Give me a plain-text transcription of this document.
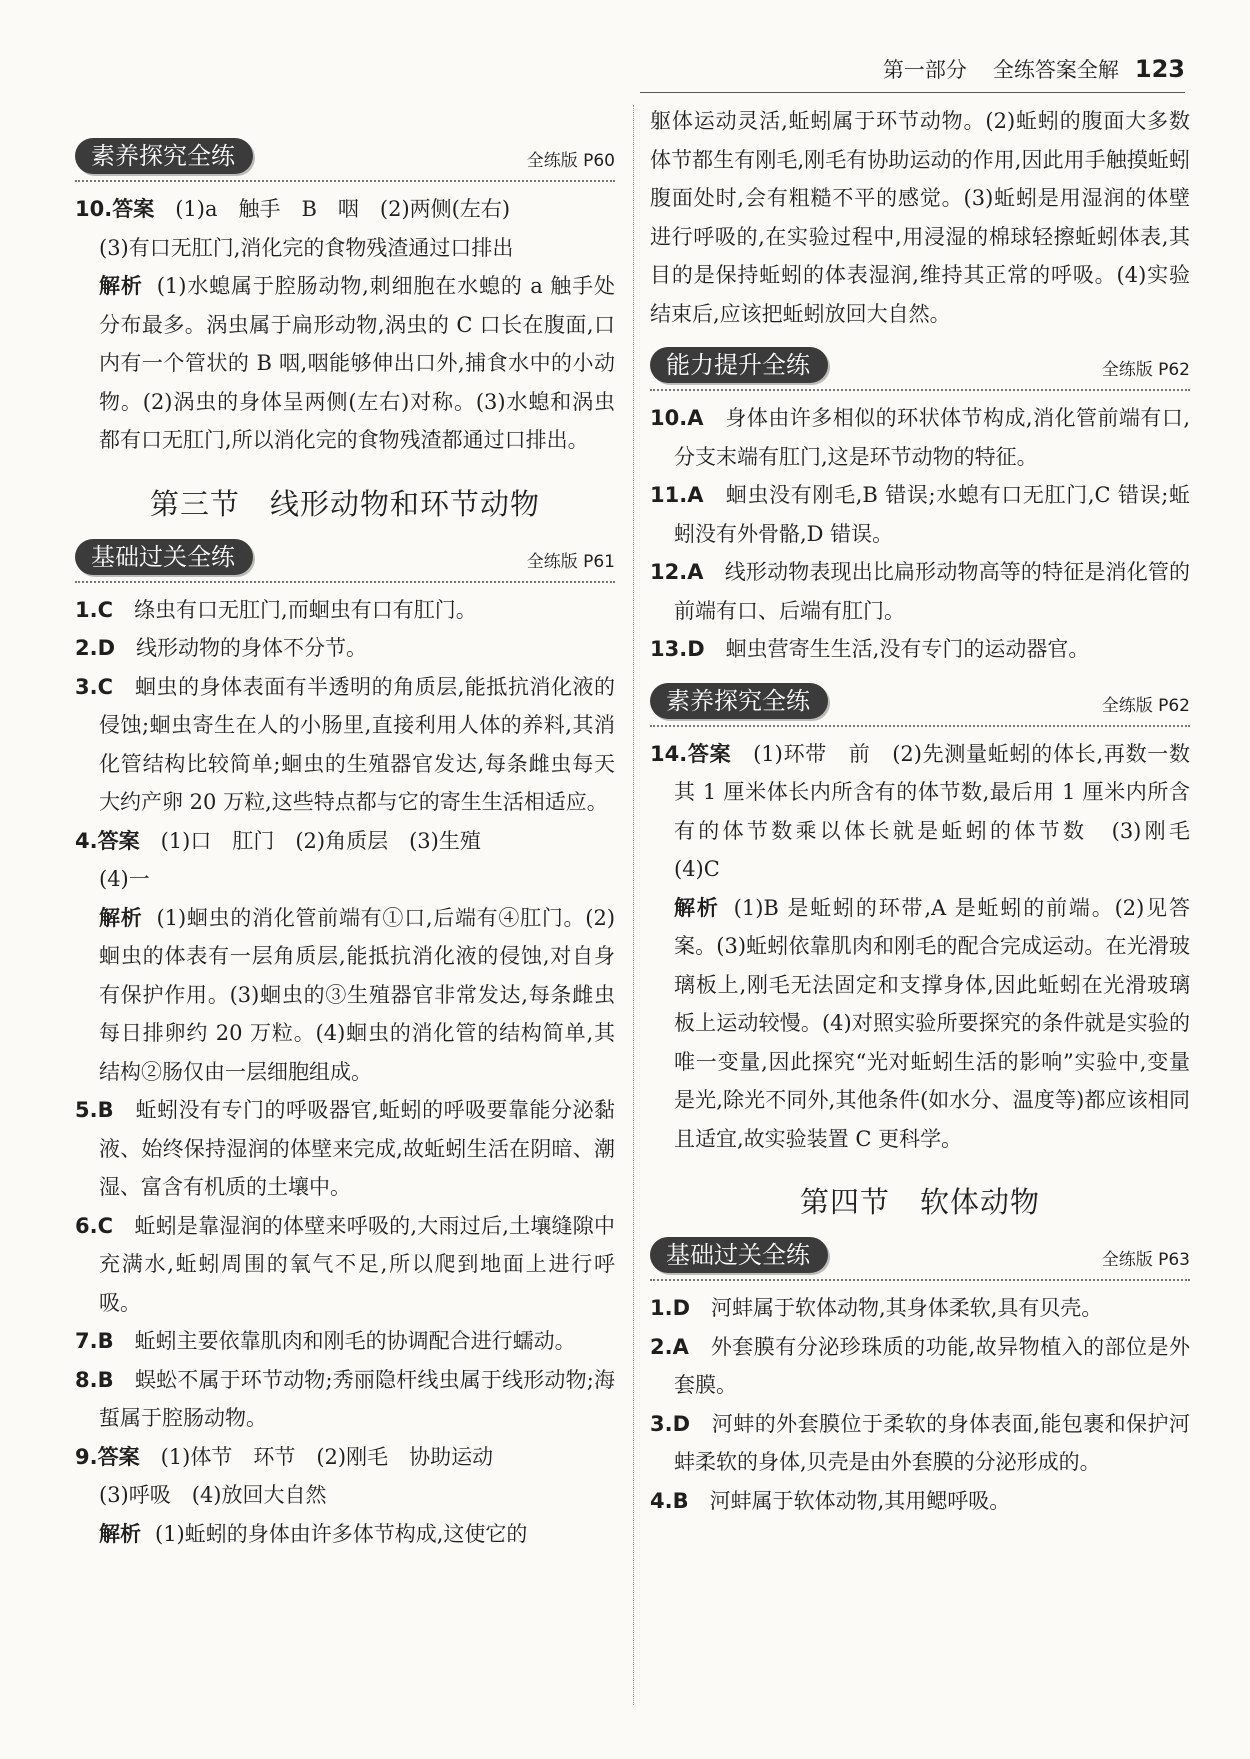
第一部分 全练答案全解 123
素养探究全练	全练版 P60
10.答案　 (1)a　触手　B　咽　(2)两侧(左右)
(3)有口无肛门,消化完的食物残渣通过口排出
解析 (1)水螅属于腔肠动物,刺细胞在水螅的 a 触手处分布最多。涡虫属于扁形动物,涡虫的 C 口长在腹面,口内有一个管状的 B 咽,咽能够伸出口外,捕食水中的小动物。(2)涡虫的身体呈两侧(左右)对称。(3)水螅和涡虫都有口无肛门,所以消化完的食物残渣都通过口排出。
第三节　线形动物和环节动物
基础过关全练	全练版 P61
1.C　 绦虫有口无肛门,而蛔虫有口有肛门。
2.D　 线形动物的身体不分节。
3.C　 蛔虫的身体表面有半透明的角质层,能抵抗消化液的侵蚀;蛔虫寄生在人的小肠里,直接利用人体的养料,其消化管结构比较简单;蛔虫的生殖器官发达,每条雌虫每天大约产卵 20 万粒,这些特点都与它的寄生生活相适应。
4.答案　 (1)口　肛门　(2)角质层　(3)生殖
(4)一
解析 (1)蛔虫的消化管前端有①口,后端有④肛门。(2)蛔虫的体表有一层角质层,能抵抗消化液的侵蚀,对自身有保护作用。(3)蛔虫的③生殖器官非常发达,每条雌虫每日排卵约 20 万粒。(4)蛔虫的消化管的结构简单,其结构②肠仅由一层细胞组成。
5.B　 蚯蚓没有专门的呼吸器官,蚯蚓的呼吸要靠能分泌黏液、始终保持湿润的体壁来完成,故蚯蚓生活在阴暗、潮湿、富含有机质的土壤中。
6.C　 蚯蚓是靠湿润的体壁来呼吸的,大雨过后,土壤缝隙中充满水,蚯蚓周围的氧气不足,所以爬到地面上进行呼吸。
7.B　 蚯蚓主要依靠肌肉和刚毛的协调配合进行蠕动。
8.B　 蜈蚣不属于环节动物;秀丽隐杆线虫属于线形动物;海蜇属于腔肠动物。
9.答案　 (1)体节　环节　(2)刚毛　协助运动
(3)呼吸　(4)放回大自然
解析 (1)蚯蚓的身体由许多体节构成,这使它的
躯体运动灵活,蚯蚓属于环节动物。(2)蚯蚓的腹面大多数体节都生有刚毛,刚毛有协助运动的作用,因此用手触摸蚯蚓腹面处时,会有粗糙不平的感觉。(3)蚯蚓是用湿润的体壁进行呼吸的,在实验过程中,用浸湿的棉球轻擦蚯蚓体表,其目的是保持蚯蚓的体表湿润,维持其正常的呼吸。(4)实验结束后,应该把蚯蚓放回大自然。
能力提升全练	全练版 P62
10.A　 身体由许多相似的环状体节构成,消化管前端有口,分支末端有肛门,这是环节动物的特征。
11.A　 蛔虫没有刚毛,B 错误;水螅有口无肛门,C 错误;蚯蚓没有外骨骼,D 错误。
12.A　 线形动物表现出比扁形动物高等的特征是消化管的前端有口、后端有肛门。
13.D　 蛔虫营寄生生活,没有专门的运动器官。
素养探究全练	全练版 P62
14.答案　 (1)环带　前　(2)先测量蚯蚓的体长,再数一数其 1 厘米体长内所含有的体节数,最后用 1 厘米内所含有的体节数乘以体长就是蚯蚓的体节数　(3)刚毛　(4)C
解析 (1)B 是蚯蚓的环带,A 是蚯蚓的前端。(2)见答案。(3)蚯蚓依靠肌肉和刚毛的配合完成运动。在光滑玻璃板上,刚毛无法固定和支撑身体,因此蚯蚓在光滑玻璃板上运动较慢。(4)对照实验所要探究的条件就是实验的唯一变量,因此探究“光对蚯蚓生活的影响”实验中,变量是光,除光不同外,其他条件(如水分、温度等)都应该相同且适宜,故实验装置 C 更科学。
第四节　软体动物
基础过关全练	全练版 P63
1.D　 河蚌属于软体动物,其身体柔软,具有贝壳。
2.A　 外套膜有分泌珍珠质的功能,故异物植入的部位是外套膜。
3.D　 河蚌的外套膜位于柔软的身体表面,能包裹和保护河蚌柔软的身体,贝壳是由外套膜的分泌形成的。
4.B　 河蚌属于软体动物,其用鳃呼吸。
